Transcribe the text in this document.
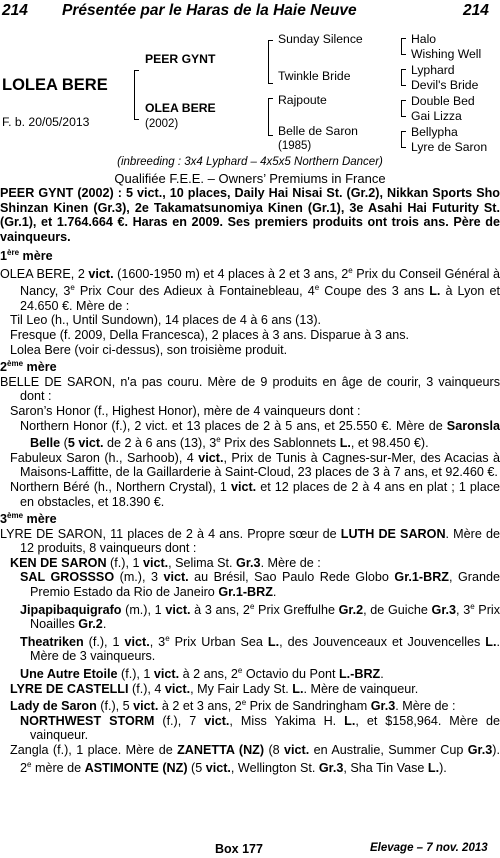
214 Présentée par le Haras de la Haie Neuve	214
LOLEA BERE
F. b. 20/05/2013
PEER GYNT
OLEA BERE
(2002)
Sunday Silence
Twinkle Bride
Rajpoute
Belle de Saron
(1985)
Halo
Wishing Well
Lyphard
Devil's Bride
Double Bed
Gai Lizza
Bellypha
Lyre de Saron
(inbreeding : 3x4 Lyphard – 4x5x5 Northern Dancer)
Qualifiée F.E.E. – Owners’ Premiums in France
PEER GYNT (2002) : 5 vict., 10 places, Daily Hai Nisai St. (Gr.2), Nikkan Sports Sho Shinzan Kinen (Gr.3), 2e Takamatsunomiya Kinen (Gr.1), 3e Asahi Hai Futurity St. (Gr.1), et 1.764.664 €. Haras en 2009. Ses premiers produits ont trois ans. Père de vainqueurs.

1ère mère

OLEA BERE, 2 vict. (1600-1950 m) et 4 places à 2 et 3 ans, 2e Prix du Conseil Général à Nancy, 3e Prix Cour des Adieux à Fontainebleau, 4e Coupe des 3 ans L. à Lyon et 24.650 €. Mère de :

Til Leo (h., Until Sundown), 14 places de 4 à 6 ans (13).

Fresque (f. 2009, Della Francesca), 2 places à 3 ans. Disparue à 3 ans.

Lolea Bere (voir ci-dessus), son troisième produit.

2ème mère

BELLE DE SARON, n'a pas couru. Mère de 9 produits en âge de courir, 3 vainqueurs dont :

Saron’s Honor (f., Highest Honor), mère de 4 vainqueurs dont :

Northern Honor (f.), 2 vict. et 13 places de 2 à 5 ans, et 25.550 €. Mère de Saronsla Belle (5 vict. de 2 à 6 ans (13), 3e Prix des Sablonnets L., et 98.450 €).

Fabuleux Saron (h., Sarhoob), 4 vict., Prix de Tunis à Cagnes-sur-Mer, des Acacias à Maisons-Laffitte, de la Gaillarderie à Saint-Cloud, 23 places de 3 à 7 ans, et 92.460 €.

Northern Béré (h., Northern Crystal), 1 vict. et 12 places de 2 à 4 ans en plat ; 1 place en obstacles, et 18.390 €.

3ème mère

LYRE DE SARON, 11 places de 2 à 4 ans. Propre sœur de LUTH DE SARON. Mère de 12 produits, 8 vainqueurs dont :

KEN DE SARON (f.), 1 vict., Selima St. Gr.3. Mère de :

SAL GROSSSO (m.), 3 vict. au Brésil, Sao Paulo Rede Globo Gr.1-BRZ, Grande Premio Estado da Rio de Janeiro Gr.1-BRZ.

Jipapibaquigrafo (m.), 1 vict. à 3 ans, 2e Prix Greffulhe Gr.2, de Guiche Gr.3, 3e Prix Noailles Gr.2.

Theatriken (f.), 1 vict., 3e Prix Urban Sea L., des Jouvenceaux et Jouvencelles L.. Mère de 3 vainqueurs.

Une Autre Etoile (f.), 1 vict. à 2 ans, 2e Octavio du Pont L.-BRZ.

LYRE DE CASTELLI (f.), 4 vict., My Fair Lady St. L.. Mère de vainqueur.

Lady de Saron (f.), 5 vict. à 2 et 3 ans, 2e Prix de Sandringham Gr.3. Mère de :

NORTHWEST STORM (f.), 7 vict., Miss Yakima H. L., et $158,964. Mère de vainqueur.

Zangla (f.), 1 place. Mère de ZANETTA (NZ) (8 vict. en Australie, Summer Cup Gr.3). 2e mère de ASTIMONTE (NZ) (5 vict., Wellington St. Gr.3, Sha Tin Vase L.).

Box 177	Elevage – 7 nov. 2013
